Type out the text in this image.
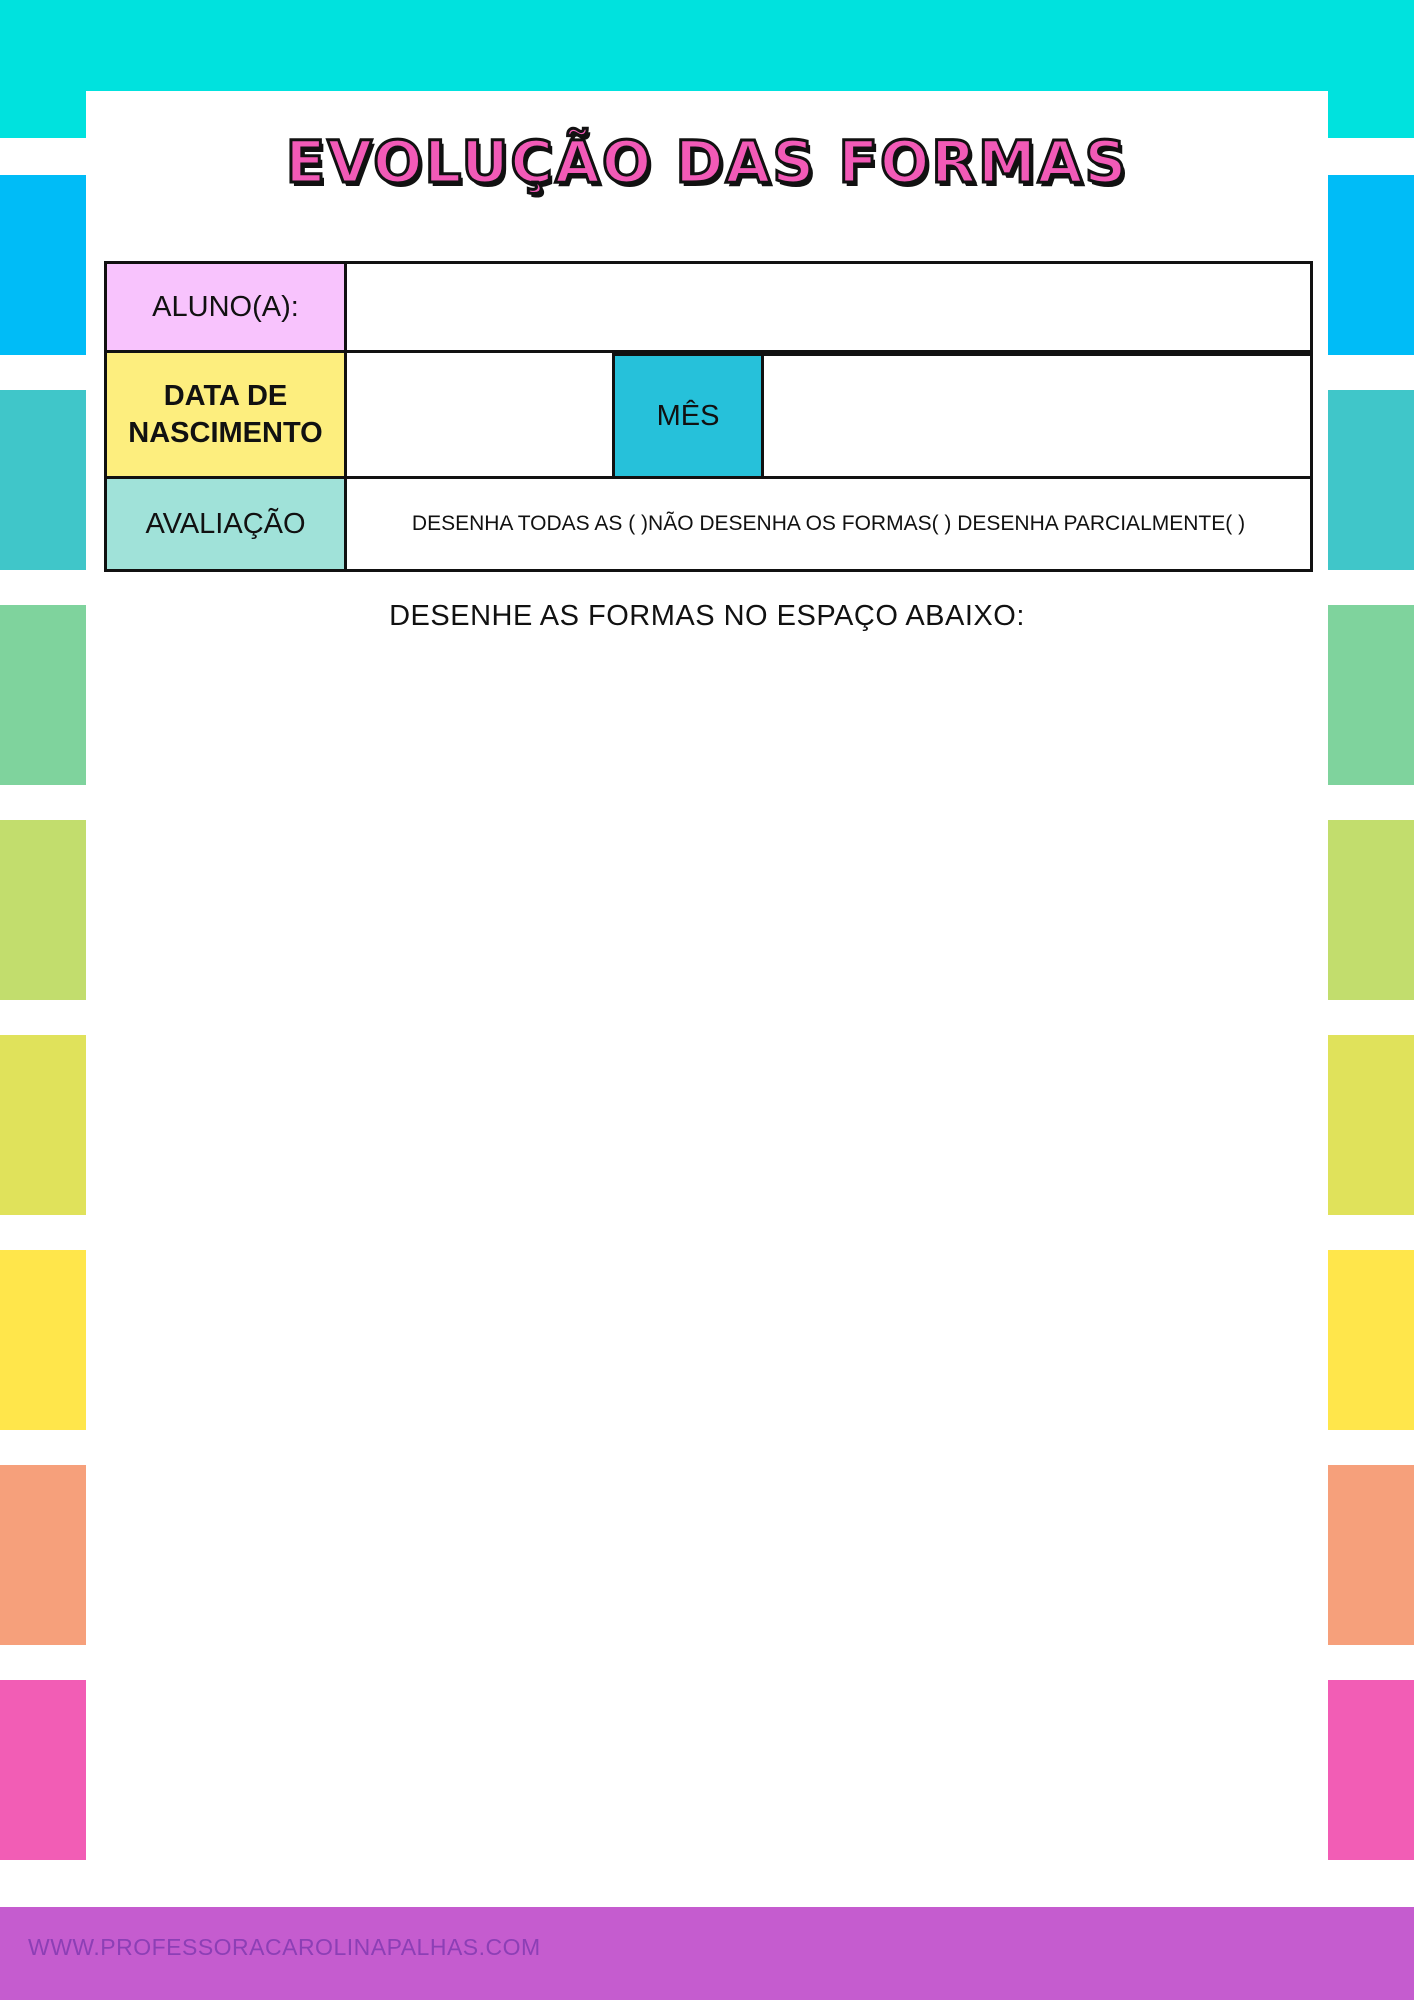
EVOLUÇÃO DAS FORMAS
ALUNO(A):
DATA DE NASCIMENTO
MÊS
AVALIAÇÃO	DESENHA TODAS AS ( )NÃO DESENHA OS FORMAS( ) DESENHA PARCIALMENTE( )
DESENHE AS FORMAS NO ESPAÇO ABAIXO:
WWW.PROFESSORACAROLINAPALHAS.COM
